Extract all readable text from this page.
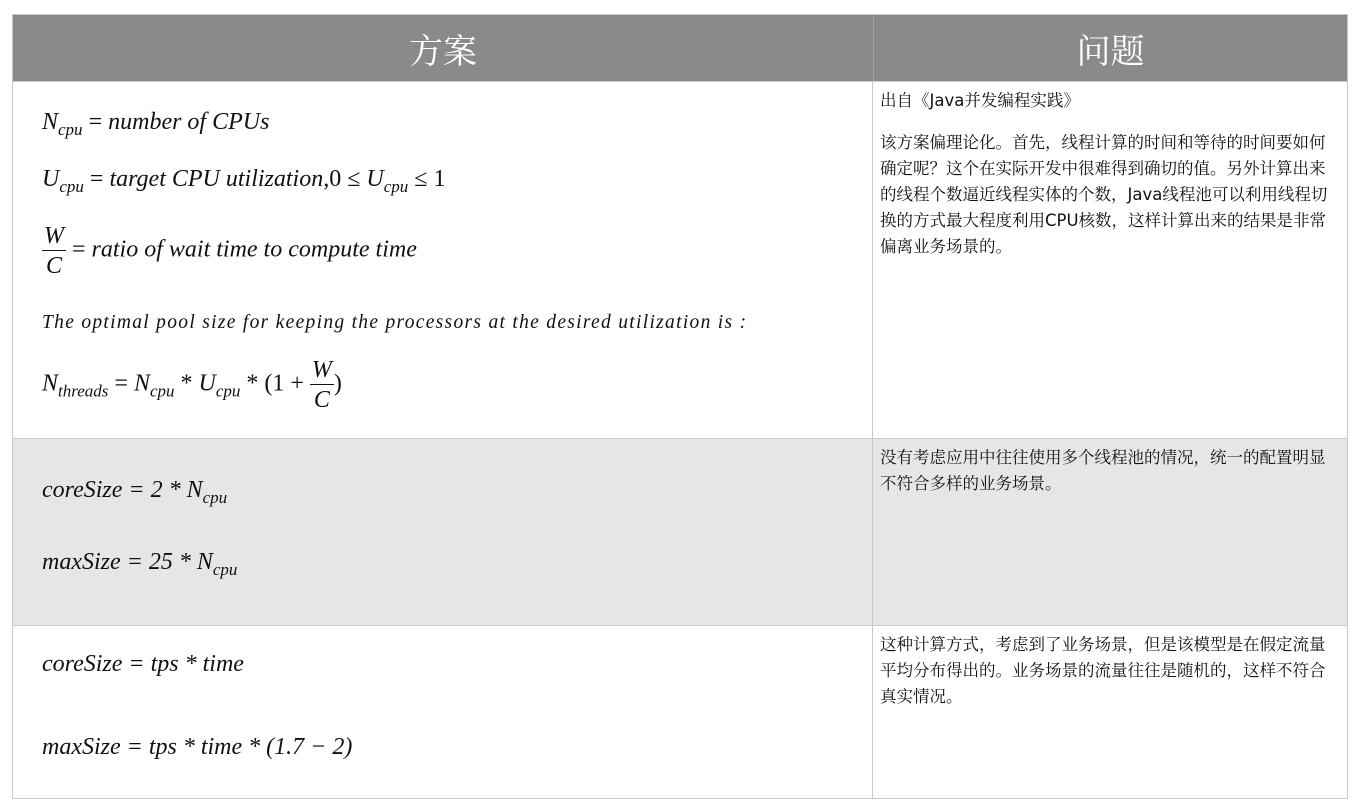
方案	问题
$N_{cpu}$ = number of CPUs
$U_{cpu}$ = target CPU utilization,0 ≤ $U_{cpu} \le 1$
$\frac{W}{C}$ = ratio of wait time to compute time
The optimal pool size for keeping the processors at the desired utilization is :
$N_{threads} = N_{cpu} * U_{cpu} * (1 + \frac{W}{C}$ )
出自《Java并发编程实践》
该方案偏理论化。首先，线程计算的时间和等待的时间要如何确定呢？这个在实际开发中很难得到确切的值。另外计算出来的线程个数逼近线程实体的个数，Java线程池可以利用线程切换的方式最大程度利用CPU核数，这样计算出来的结果是非常偏离业务场景的。
coreSize = $2 * N_{cpu}$
maxSize = $25 * N_{cpu}$
没有考虑应用中往往使用多个线程池的情况，统一的配置明显不符合多样的业务场景。
coreSize = tps * time
maxSize = tps * time * (1.7 − 2)
这种计算方式，考虑到了业务场景，但是该模型是在假定流量平均分布得出的。业务场景的流量往往是随机的，这样不符合真实情况。
